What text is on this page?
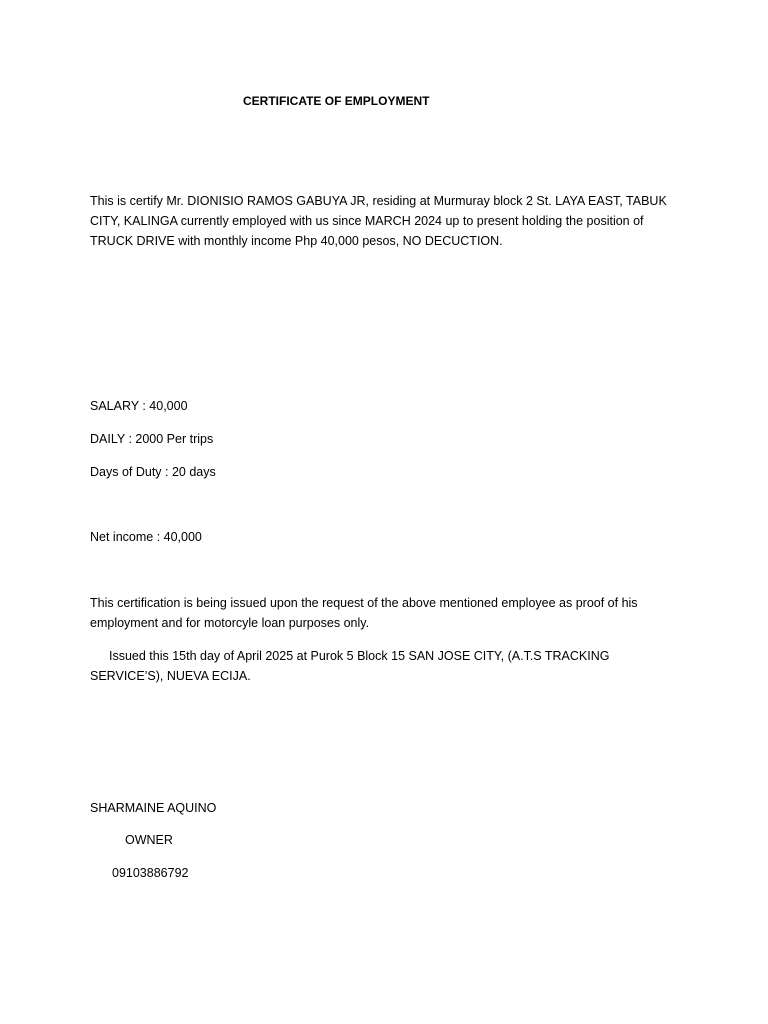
CERTIFICATE OF EMPLOYMENT
This is certify Mr. DIONISIO RAMOS GABUYA JR, residing at Murmuray block 2 St. LAYA EAST, TABUK CITY, KALINGA currently employed with us since MARCH 2024 up to present holding the position of TRUCK DRIVE with monthly income Php 40,000 pesos, NO DECUCTION.
SALARY : 40,000
DAILY : 2000 Per trips
Days of Duty : 20 days
Net income : 40,000
This certification is being issued upon the request of the above mentioned employee as proof of his employment and for motorcyle loan purposes only.
Issued this 15th day of April 2025 at Purok 5 Block 15 SAN JOSE CITY, (A.T.S TRACKING SERVICE’S), NUEVA ECIJA.
SHARMAINE AQUINO
OWNER
09103886792
